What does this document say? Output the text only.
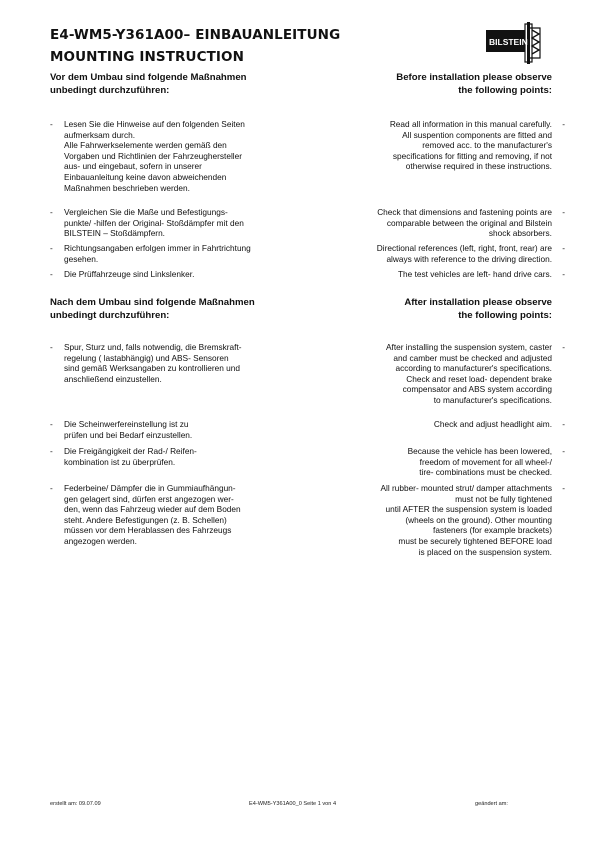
E4-WM5-Y361A00– EINBAUANLEITUNG
MOUNTING INSTRUCTION
BILSTEIN
Vor dem Umbau sind folgende Maßnahmen
unbedingt durchzuführen:
Before installation please observe
the following points:
- Lesen Sie die Hinweise auf den folgenden Seiten
aufmerksam durch.
Alle Fahrwerkselemente werden gemäß den
Vorgaben und Richtlinien der Fahrzeughersteller
aus- und eingebaut, sofern in unserer
Einbauanleitung keine davon abweichenden
Maßnahmen beschrieben werden.
- Vergleichen Sie die Maße und Befestigungs-
punkte/ -hilfen der Original- Stoßdämpfer mit den
BILSTEIN – Stoßdämpfern.
- Richtungsangaben erfolgen immer in Fahrtrichtung
gesehen.
- Die Prüffahrzeuge sind Linkslenker.
-
Read all information in this manual carefully.
All suspention components are fitted and
removed acc. to the manufacturer's
specifications for fitting and removing, if not
otherwise required in these instructions.
-
Check that dimensions and fastening points are
comparable between the original and Bilstein
shock absorbers.
-
Directional references (left, right, front, rear) are
always with reference to the driving direction.
-
The test vehicles are left- hand drive cars.
Nach dem Umbau sind folgende Maßnahmen
unbedingt durchzuführen:
After installation please observe
the following points:
- Spur, Sturz und, falls notwendig, die Bremskraft-
regelung ( lastabhängig) und ABS- Sensoren
sind gemäß Werksangaben zu kontrollieren und
anschließend einzustellen.
- Die Scheinwerfereinstellung ist zu
prüfen und bei Bedarf einzustellen.
- Die Freigängigkeit der Rad-/ Reifen-
kombination ist zu überprüfen.
- Federbeine/ Dämpfer die in Gummiaufhängun-
gen gelagert sind, dürfen erst angezogen wer-
den, wenn das Fahrzeug wieder auf dem Boden
steht. Andere Befestigungen (z. B. Schellen)
müssen vor dem Herablassen des Fahrzeugs
angezogen werden.
-
After installing the suspension system, caster
and camber must be checked and adjusted
according to manufacturer's specifications.
Check and reset load- dependent brake
compensator and ABS system according
to manufacturer's specifications.
-
Check and adjust headlight aim.
-
Because the vehicle has been lowered,
freedom of movement for all wheel-/
tire- combinations must be checked.
-
All rubber- mounted strut/ damper attachments
must not be fully tightened
until AFTER the suspension system is loaded
(wheels on the ground). Other mounting
fasteners (for example brackets)
must be securely tightened BEFORE load
is placed on the suspension system.
erstellt am: 09.07.09	E4-WM5-Y361A00_0 Seite 1 von 4	geändert am:
